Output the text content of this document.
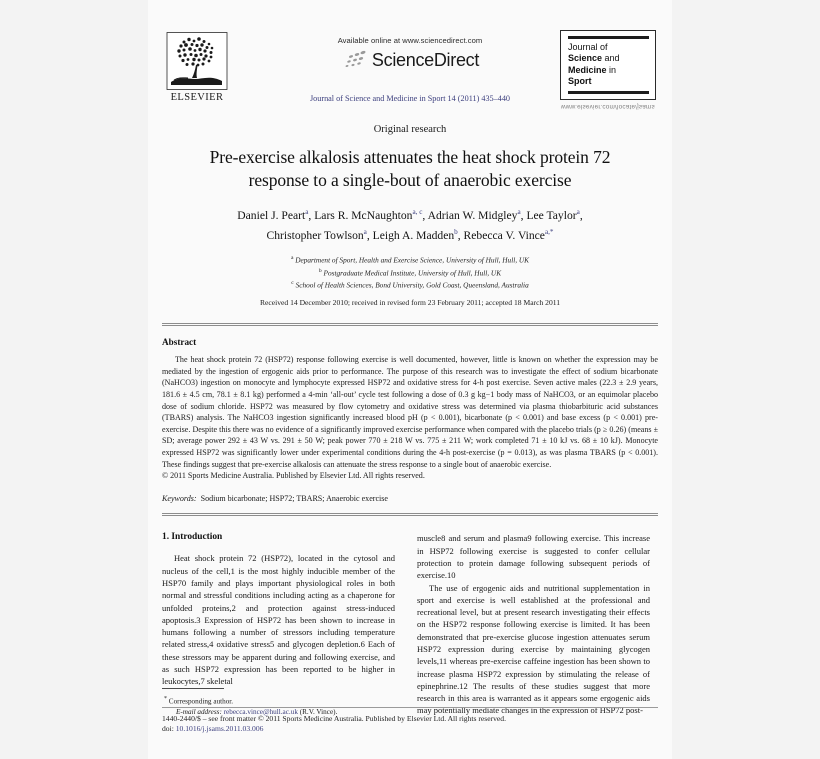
ELSEVIER
Available online at www.sciencedirect.com
ScienceDirect
Journal of Science and Medicine in Sport 14 (2011) 435–440
Journal of
Science and
Medicine in
Sport
www.elsevier.com/locate/jsams
Original research
Pre-exercise alkalosis attenuates the heat shock protein 72 response to a single-bout of anaerobic exercise
Daniel J. Peart$^a$, Lars R. McNaughton$^{a, c}$, Adrian W. Midgley$^a$, Lee Taylor$^a$,
Christopher Towlson$^a$, Leigh A. Madden$^b$, Rebecca V. Vince$^{a,*}$
$^a$ Department of Sport, Health and Exercise Science, University of Hull, Hull, UK
$^b$ Postgraduate Medical Institute, University of Hull, Hull, UK
$^c$ School of Health Sciences, Bond University, Gold Coast, Queensland, Australia
Received 14 December 2010; received in revised form 23 February 2011; accepted 18 March 2011
Abstract
The heat shock protein 72 (HSP72) response following exercise is well documented, however, little is known on whether the expression may be mediated by the ingestion of ergogenic aids prior to performance. The purpose of this research was to investigate the effect of sodium bicarbonate (NaHCO3) ingestion on monocyte and lymphocyte expressed HSP72 and oxidative stress for 4-h post exercise. Seven active males (22.3 ± 2.9 years, 181.6 ± 4.5 cm, 78.1 ± 8.1 kg) performed a 4-min ‘all-out’ cycle test following a dose of 0.3 g kg−1 body mass of NaHCO3, or an equimolar placebo dose of sodium chloride. HSP72 was measured by flow cytometry and oxidative stress was determined via plasma thiobarbituric acid substances (TBARS) analysis. The NaHCO3 ingestion significantly increased blood pH (p < 0.001), bicarbonate (p < 0.001) and base excess (p < 0.001) pre-exercise. Despite this there was no evidence of a significantly improved exercise performance when compared with the placebo trials (p ≥ 0.26) (means ± SD; average power 292 ± 43 W vs. 291 ± 50 W; peak power 770 ± 218 W vs. 775 ± 211 W; work completed 71 ± 10 kJ vs. 68 ± 10 kJ). Monocyte expressed HSP72 was significantly lower under experimental conditions during the 4-h post-exercise (p = 0.013), as was plasma TBARS (p < 0.001). These findings suggest that pre-exercise alkalosis can attenuate the stress response to a single bout of anaerobic exercise.
© 2011 Sports Medicine Australia. Published by Elsevier Ltd. All rights reserved.
Keywords: Sodium bicarbonate; HSP72; TBARS; Anaerobic exercise
1. Introduction
Heat shock protein 72 (HSP72), located in the cytosol and nucleus of the cell,1 is the most highly inducible member of the HSP70 family and plays important physiological roles in both normal and stressful conditions including acting as a chaperone for unfolded proteins,2 and protection against stress-induced apoptosis.3 Expression of HSP72 has been shown to increase in humans following a number of stressors including temperature related stress,4 oxidative stress5 and glycogen depletion.6 Each of these stressors may be apparent during and following exercise, and as such HSP72 expression has been reported to be higher in leukocytes,7 skeletal
* Corresponding author.
E-mail address: rebecca.vince@hull.ac.uk (R.V. Vince).
muscle8 and serum and plasma9 following exercise. This increase in HSP72 following exercise is suggested to confer cellular protection to protein damage following subsequent periods of exercise.10
The use of ergogenic aids and nutritional supplementation in sport and exercise is well established at the professional and recreational level, but at present research investigating their effects on the HSP72 response following exercise is limited. It has been demonstrated that pre-exercise glucose ingestion attenuates serum HSP72 expression during exercise by maintaining glycogen levels,11 whereas pre-exercise caffeine ingestion has been shown to increase plasma HSP72 expression by stimulating the release of epinephrine.12 The results of these studies suggest that more research in this area is warranted as it appears some ergogenic aids may potentially mediate changes in the expression of HSP72 post-
1440-2440/$ – see front matter © 2011 Sports Medicine Australia. Published by Elsevier Ltd. All rights reserved.
doi: 10.1016/j.jsams.2011.03.006
